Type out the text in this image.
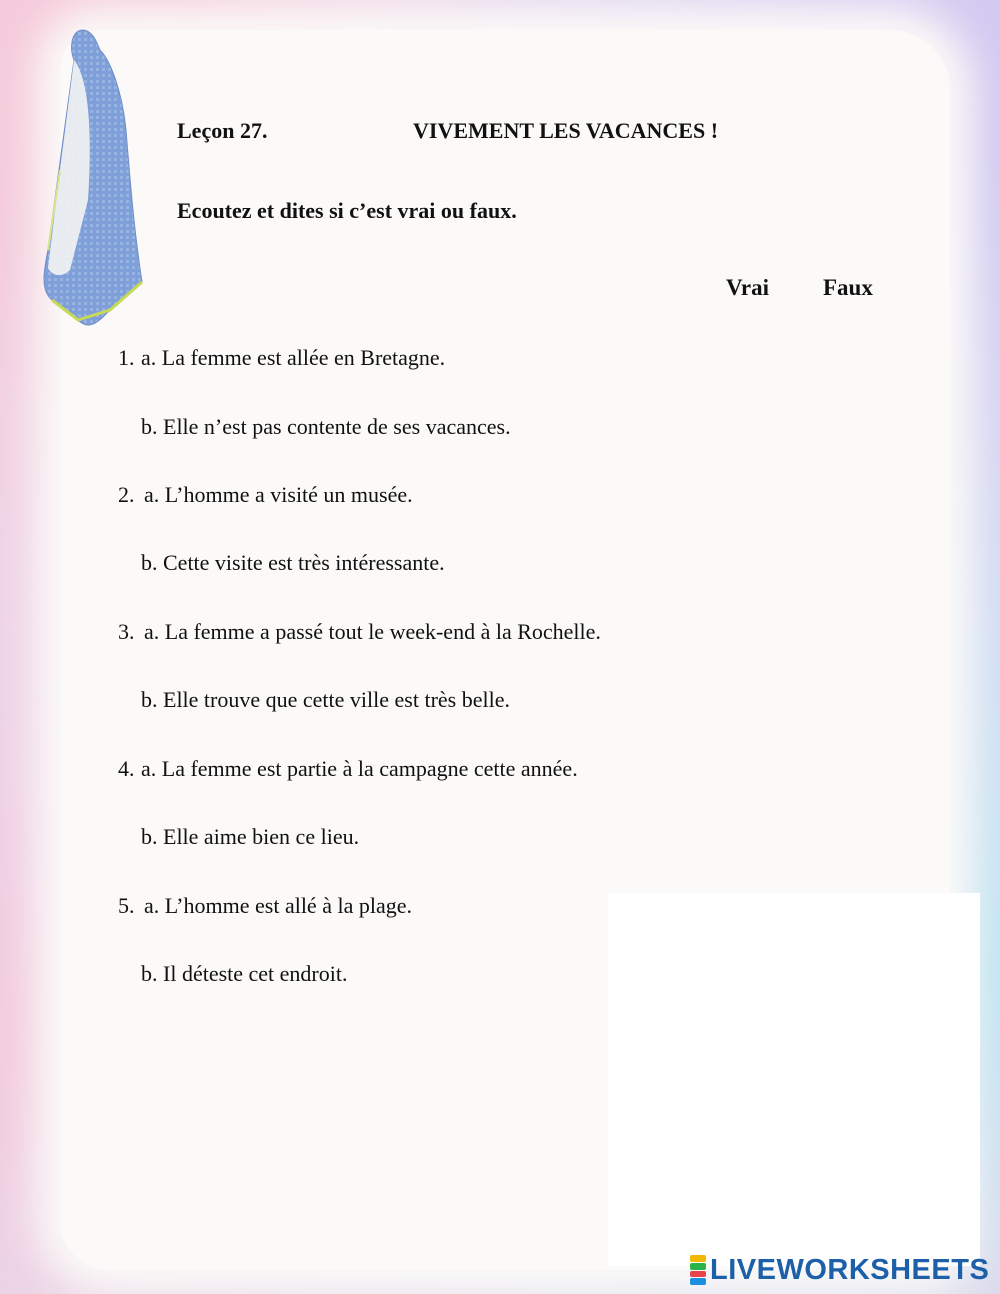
Leçon 27.	VIVEMENT LES VACANCES !
Ecoutez et dites si c’est vrai ou faux.
Vrai Faux
1. a. La femme est allée en Bretagne.
b. Elle n’est pas contente de ses vacances.
2. a. L’homme a visité un musée.
b. Cette visite est très intéressante.
3. a. La femme a passé tout le week-end à la Rochelle.
b. Elle trouve que cette ville est très belle.
4. a. La femme est partie à la campagne cette année.
b. Elle aime bien ce lieu.
5. a. L’homme est allé à la plage.
b. Il déteste cet endroit.
LIVEWORKSHEETS
